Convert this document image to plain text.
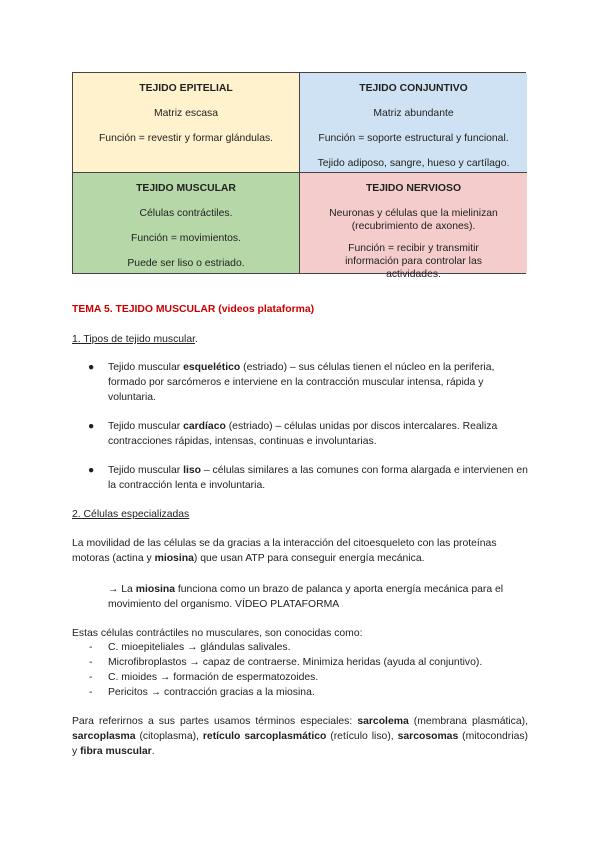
TEJIDO EPITELIAL

Matriz escasa

Función = revestir y formar glándulas.

TEJIDO CONJUNTIVO

Matriz abundante

Función = soporte estructural y funcional.

Tejido adiposo, sangre, hueso y cartílago.

TEJIDO MUSCULAR

Células contráctiles.

Función = movimientos.

Puede ser liso o estriado.

TEJIDO NERVIOSO

Neuronas y células que la mielinizan (recubrimiento de axones).

Función = recibir y transmitir información para controlar las actividades.

TEMA 5. TEJIDO MUSCULAR (videos plataforma)
1. Tipos de tejido muscular.
● Tejido muscular esquelético (estriado) – sus células tienen el núcleo en la periferia, formado por sarcómeros e interviene en la contracción muscular intensa, rápida y voluntaria.
● Tejido muscular cardíaco (estriado) – células unidas por discos intercalares. Realiza contracciones rápidas, intensas, continuas e involuntarias.
● Tejido muscular liso – células similares a las comunes con forma alargada e intervienen en la contracción lenta e involuntaria.
2. Células especializadas
La movilidad de las células se da gracias a la interacción del citoesqueleto con las proteínas motoras (actina y miosina) que usan ATP para conseguir energía mecánica.
→ La miosina funciona como un brazo de palanca y aporta energía mecánica para el movimiento del organismo. VÍDEO PLATAFORMA
Estas células contráctiles no musculares, son conocidas como:
- C. mioepiteliales → glándulas salivales.
- Microfibroplastos → capaz de contraerse. Minimiza heridas (ayuda al conjuntivo).
- C. mioides → formación de espermatozoides.
- Pericitos → contracción gracias a la miosina.
Para referirnos a sus partes usamos términos especiales: sarcolema (membrana plasmática), sarcoplasma (citoplasma), retículo sarcoplasmático (retículo liso), sarcosomas (mitocondrias) y fibra muscular.
